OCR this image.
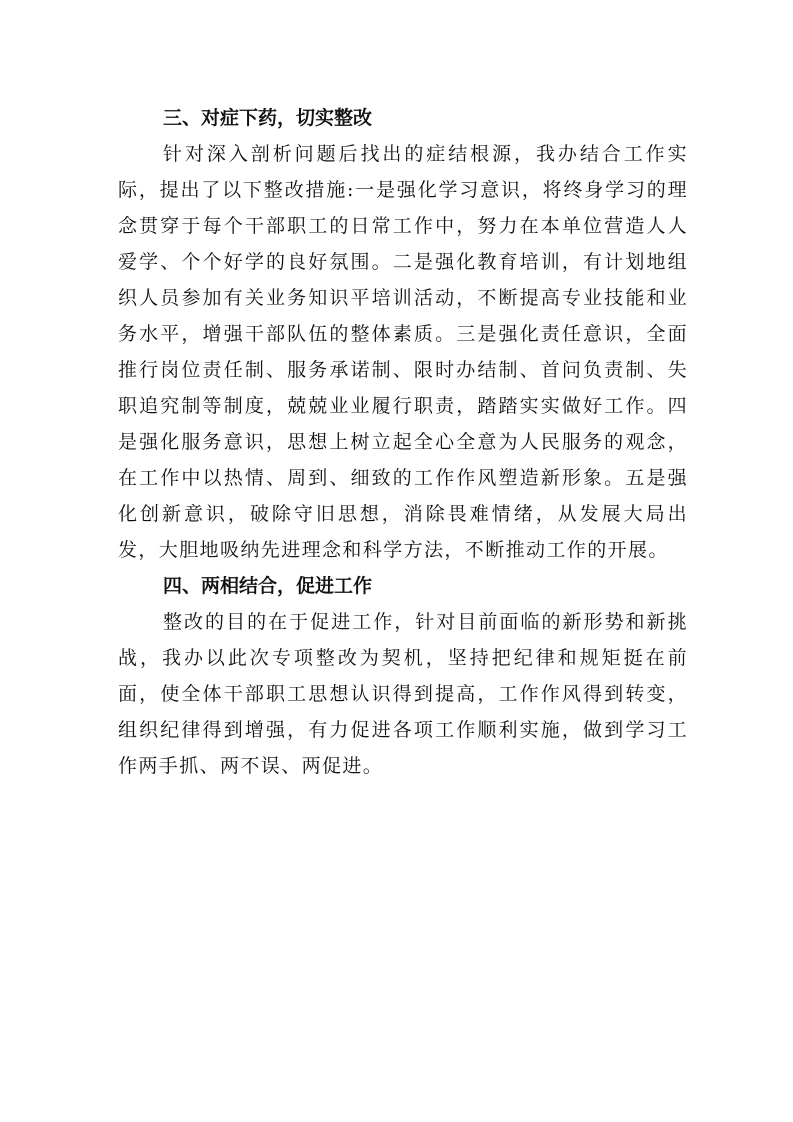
三、对症下药，切实整改

针对深入剖析问题后找出的症结根源，我办结合工作实际，提出了以下整改措施:一是强化学习意识，将终身学习的理念贯穿于每个干部职工的日常工作中，努力在本单位营造人人爱学、个个好学的良好氛围。二是强化教育培训，有计划地组织人员参加有关业务知识平培训活动，不断提高专业技能和业务水平，增强干部队伍的整体素质。三是强化责任意识，全面推行岗位责任制、服务承诺制、限时办结制、首问负责制、失职追究制等制度，兢兢业业履行职责，踏踏实实做好工作。四是强化服务意识，思想上树立起全心全意为人民服务的观念，在工作中以热情、周到、细致的工作作风塑造新形象。五是强化创新意识，破除守旧思想，消除畏难情绪，从发展大局出发，大胆地吸纳先进理念和科学方法，不断推动工作的开展。

四、两相结合，促进工作

整改的目的在于促进工作，针对目前面临的新形势和新挑战，我办以此次专项整改为契机，坚持把纪律和规矩挺在前面，使全体干部职工思想认识得到提高，工作作风得到转变，组织纪律得到增强，有力促进各项工作顺利实施，做到学习工作两手抓、两不误、两促进。
